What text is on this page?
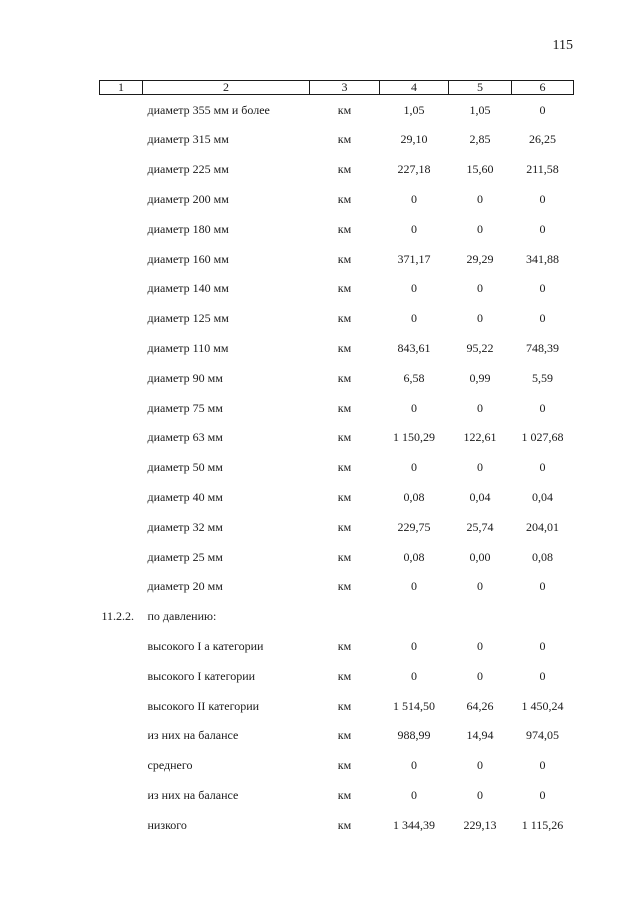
115
1	2	3	4	5	6
	диаметр 355 мм и более	км	1,05	1,05	0
	диаметр 315 мм	км	29,10	2,85	26,25
	диаметр 225 мм	км	227,18	15,60	211,58
	диаметр 200 мм	км	0	0	0
	диаметр 180 мм	км	0	0	0
	диаметр 160 мм	км	371,17	29,29	341,88
	диаметр 140 мм	км	0	0	0
	диаметр 125 мм	км	0	0	0
	диаметр 110 мм	км	843,61	95,22	748,39
	диаметр 90 мм	км	6,58	0,99	5,59
	диаметр 75 мм	км	0	0	0
	диаметр 63 мм	км	1 150,29	122,61	1 027,68
	диаметр 50 мм	км	0	0	0
	диаметр 40 мм	км	0,08	0,04	0,04
	диаметр 32 мм	км	229,75	25,74	204,01
	диаметр 25 мм	км	0,08	0,00	0,08
	диаметр 20 мм	км	0	0	0
11.2.2.	по давлению:				
	высокого I а категории	км	0	0	0
	высокого I категории	км	0	0	0
	высокого II категории	км	1 514,50	64,26	1 450,24
	из них на балансе	км	988,99	14,94	974,05
	среднего	км	0	0	0
	из них на балансе	км	0	0	0
	низкого	км	1 344,39	229,13	1 115,26
